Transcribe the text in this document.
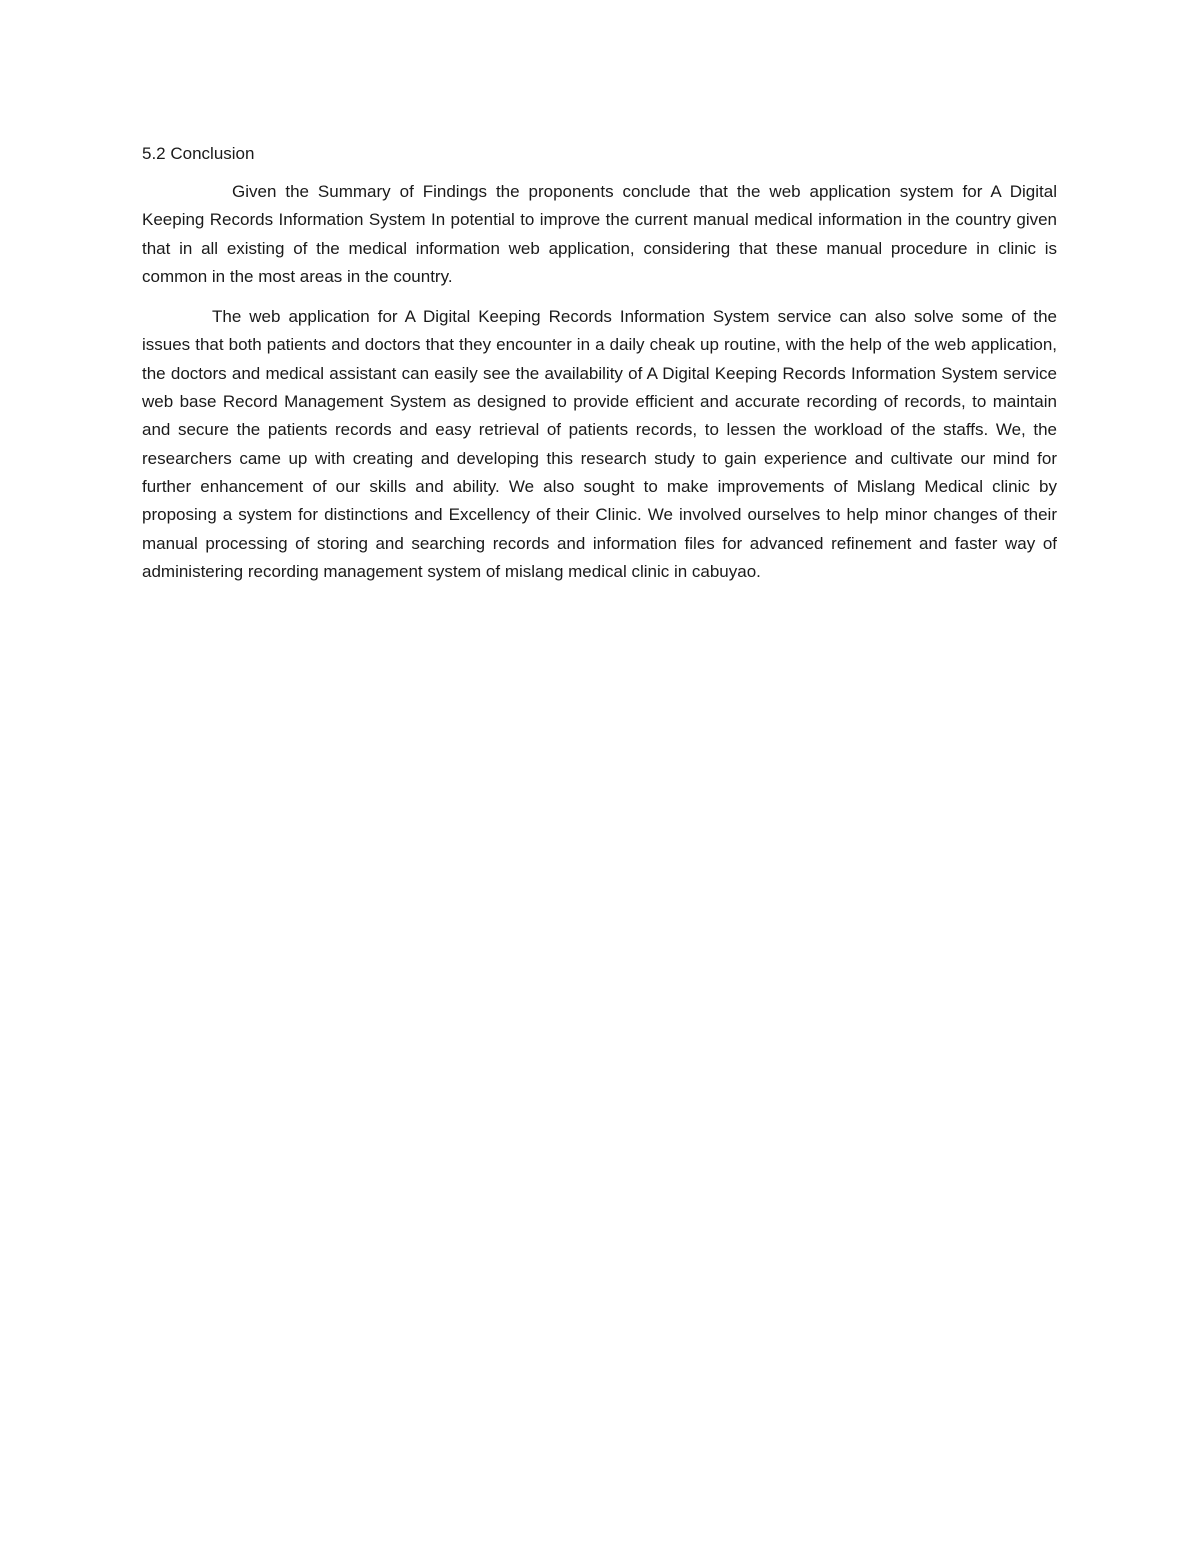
5.2 Conclusion

Given the Summary of Findings the proponents conclude that the web application system for A Digital Keeping Records Information System In potential to improve the current manual medical information in the country given that in all existing of the medical information web application, considering that these manual procedure in clinic is common in the most areas in the country.

The web application for A Digital Keeping Records Information System service can also solve some of the issues that both patients and doctors that they encounter in a daily cheak up routine, with the help of the web application, the doctors and medical assistant can easily see the availability of A Digital Keeping Records Information System service web base Record Management System as designed to provide efficient and accurate recording of records, to maintain and secure the patients records and easy retrieval of patients records, to lessen the workload of the staffs. We, the researchers came up with creating and developing this research study to gain experience and cultivate our mind for further enhancement of our skills and ability. We also sought to make improvements of Mislang Medical clinic by proposing a system for distinctions and Excellency of their Clinic. We involved ourselves to help minor changes of their manual processing of storing and searching records and information files for advanced refinement and faster way of administering recording management system of mislang medical clinic in cabuyao.
